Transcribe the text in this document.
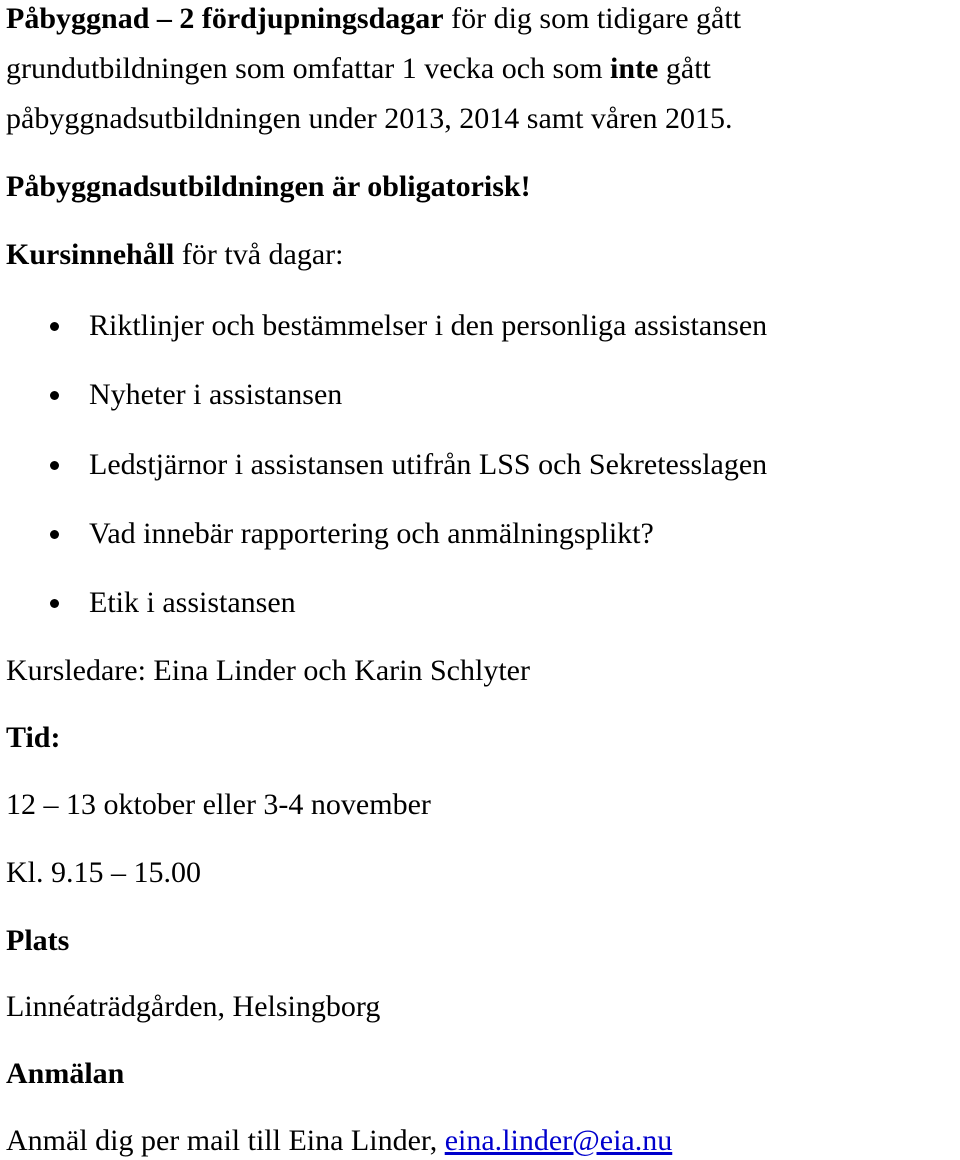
Påbyggnad – 2 fördjupningsdagar för dig som tidigare gått
grundutbildningen som omfattar 1 vecka och som inte gått
påbyggnadsutbildningen under 2013, 2014 samt våren 2015.
Påbyggnadsutbildningen är obligatorisk!
Kursinnehåll för två dagar:
Riktlinjer och bestämmelser i den personliga assistansen
Nyheter i assistansen
Ledstjärnor i assistansen utifrån LSS och Sekretesslagen
Vad innebär rapportering och anmälningsplikt?
Etik i assistansen
Kursledare: Eina Linder och Karin Schlyter
Tid:
12 – 13 oktober eller 3-4 november
Kl. 9.15 – 15.00
Plats
Linnéaträdgården, Helsingborg
Anmälan
Anmäl dig per mail till Eina Linder, eina.linder@eia.nu
